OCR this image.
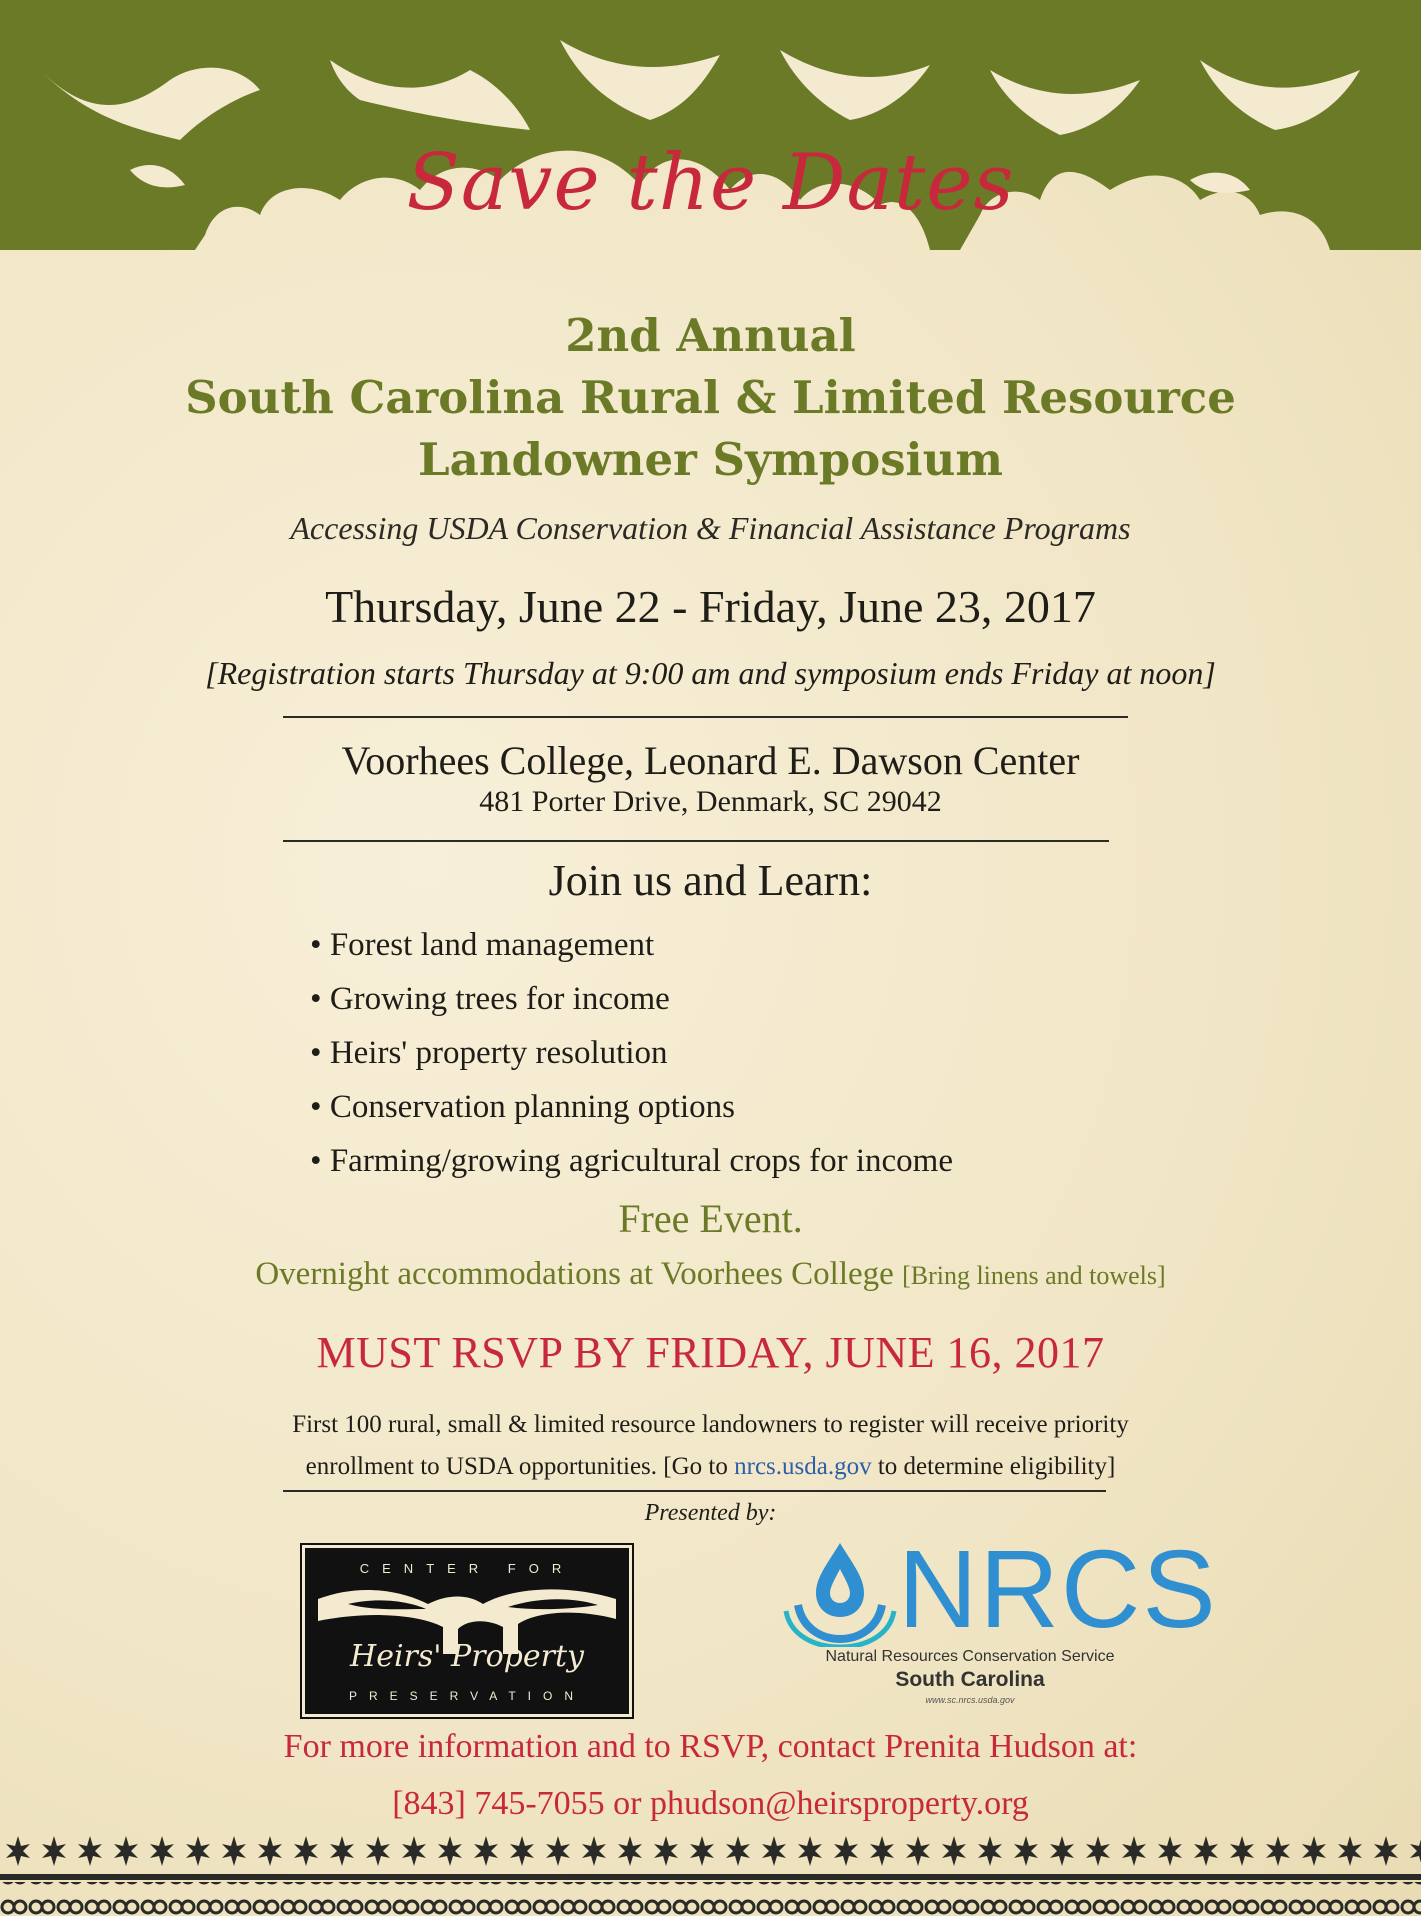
Save the Dates
2nd Annual
South Carolina Rural & Limited Resource
Landowner Symposium
Accessing USDA Conservation & Financial Assistance Programs
Thursday, June 22 - Friday, June 23, 2017
[Registration starts Thursday at 9:00 am and symposium ends Friday at noon]
Voorhees College, Leonard E. Dawson Center
481 Porter Drive, Denmark, SC 29042
Join us and Learn:
• Forest land management
• Growing trees for income
• Heirs' property resolution
• Conservation planning options
• Farming/growing agricultural crops for income
Free Event.
Overnight accommodations at Voorhees College [Bring linens and towels]
MUST RSVP BY FRIDAY, JUNE 16, 2017
First 100 rural, small & limited resource landowners to register will receive priority
enrollment to USDA opportunities. [Go to nrcs.usda.gov to determine eligibility]
Presented by:
CENTER FOR
Heirs' Property
PRESERVATION
NRCS
Natural Resources Conservation Service
South Carolina
www.sc.nrcs.usda.gov
For more information and to RSVP, contact Prenita Hudson at:
[843] 745-7055 or phudson@heirsproperty.org
